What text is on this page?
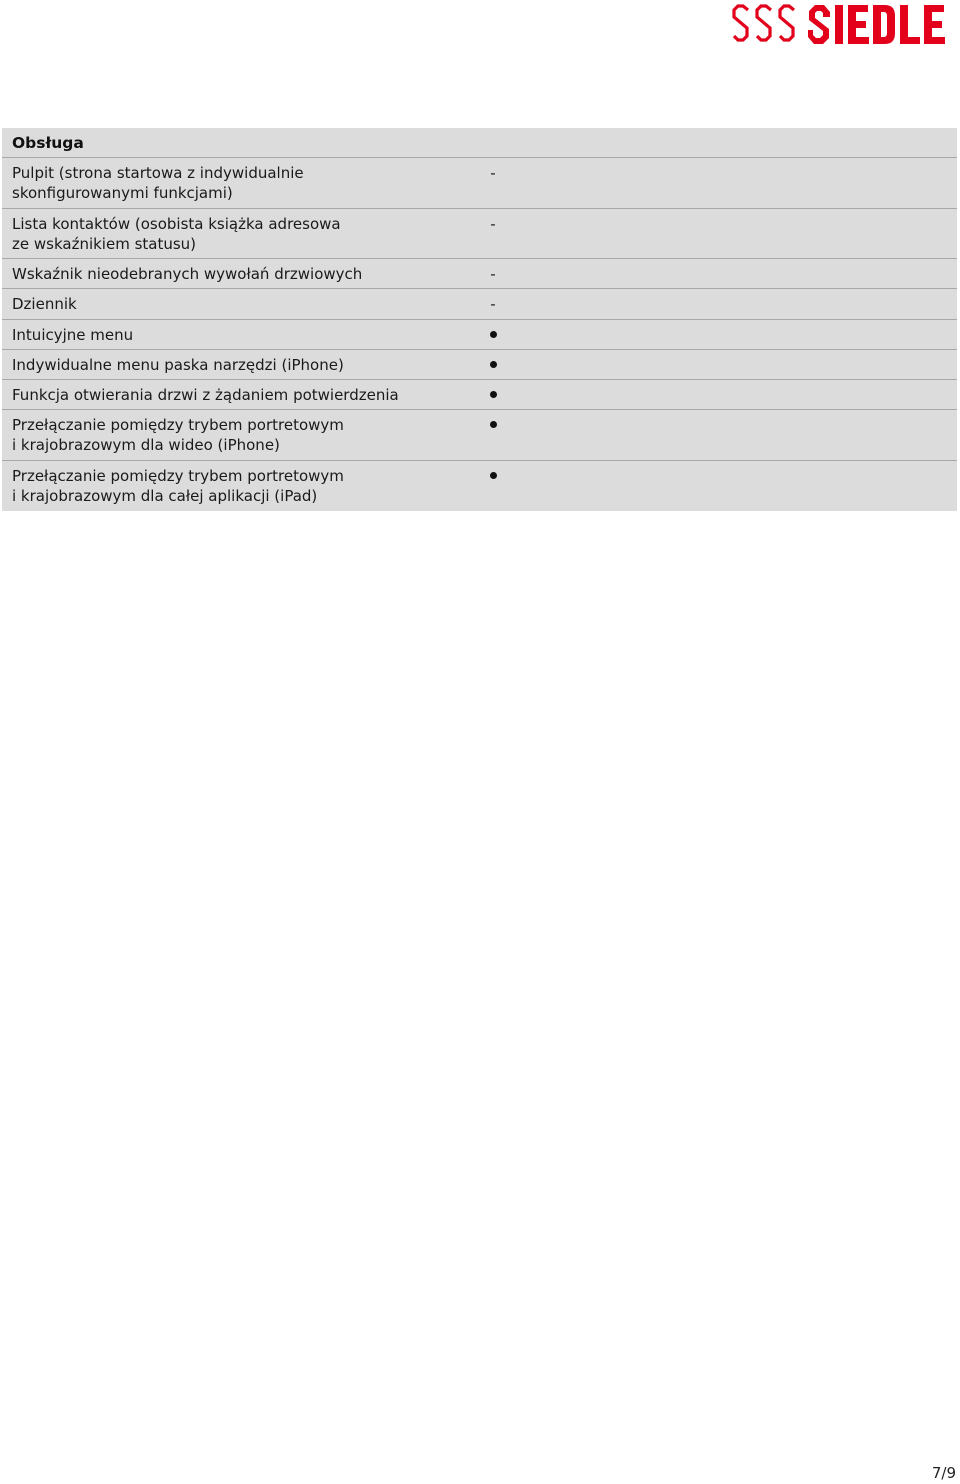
Obsługa
Pulpit (strona startowa z indywidualnie
skonfigurowanymi funkcjami)
-
Lista kontaktów (osobista książka adresowa
ze wskaźnikiem statusu)
-
Wskaźnik nieodebranych wywołań drzwiowych	-
Dziennik	-
Intuicyjne menu
Indywidualne menu paska narzędzi (iPhone)
Funkcja otwierania drzwi z żądaniem potwierdzenia
Przełączanie pomiędzy trybem portretowym
i krajobrazowym dla wideo (iPhone)
Przełączanie pomiędzy trybem portretowym
i krajobrazowym dla całej aplikacji (iPad)
7/9
